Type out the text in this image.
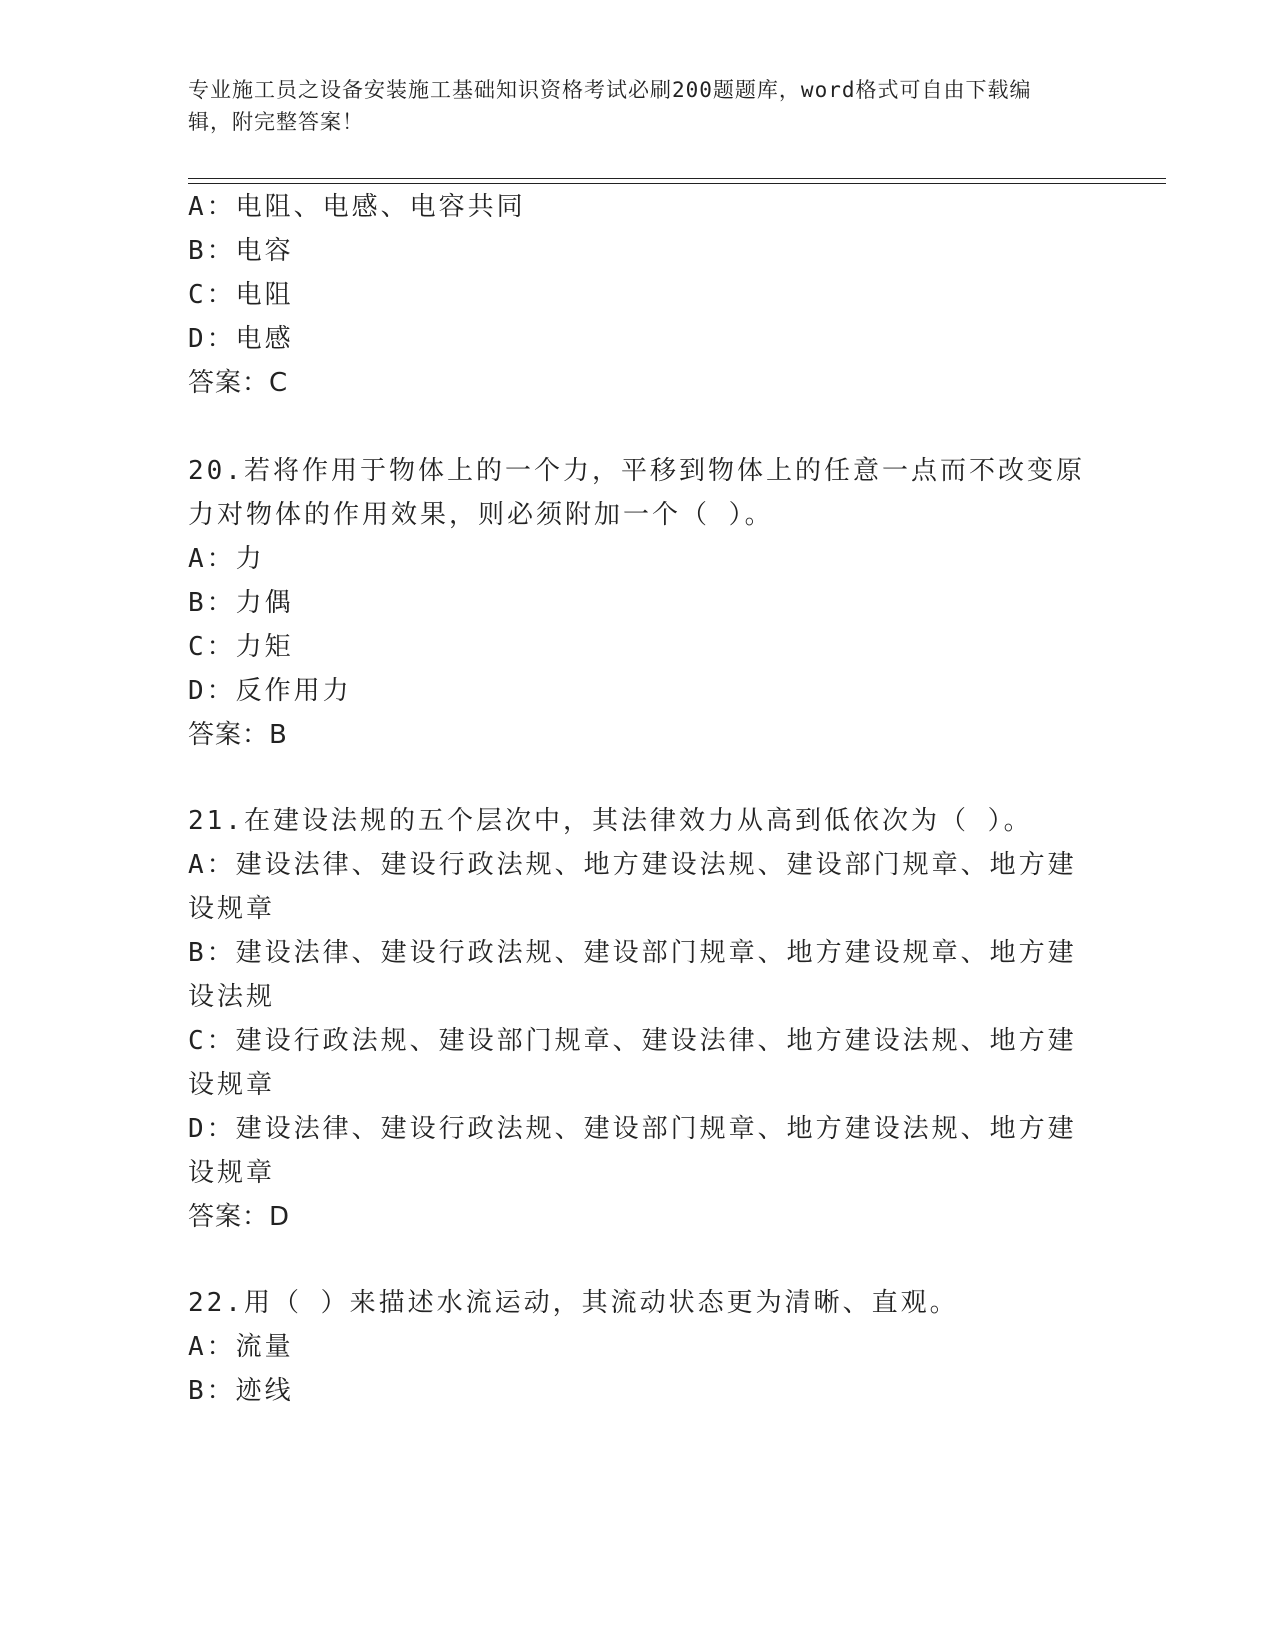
专业施工员之设备安装施工基础知识资格考试必刷200题题库，word格式可自由下载编辑，附完整答案！
A：电阻、电感、电容共同
B：电容
C：电阻
D：电感
答案：C
20.若将作用于物体上的一个力，平移到物体上的任意一点而不改变原
力对物体的作用效果，则必须附加一个（ ）。
A：力
B：力偶
C：力矩
D：反作用力
答案：B
21.在建设法规的五个层次中，其法律效力从高到低依次为（ ）。
A：建设法律、建设行政法规、地方建设法规、建设部门规章、地方建
设规章
B：建设法律、建设行政法规、建设部门规章、地方建设规章、地方建
设法规
C：建设行政法规、建设部门规章、建设法律、地方建设法规、地方建
设规章
D：建设法律、建设行政法规、建设部门规章、地方建设法规、地方建
设规章
答案：D
22.用（ ）来描述水流运动，其流动状态更为清晰、直观。
A：流量
B：迹线
